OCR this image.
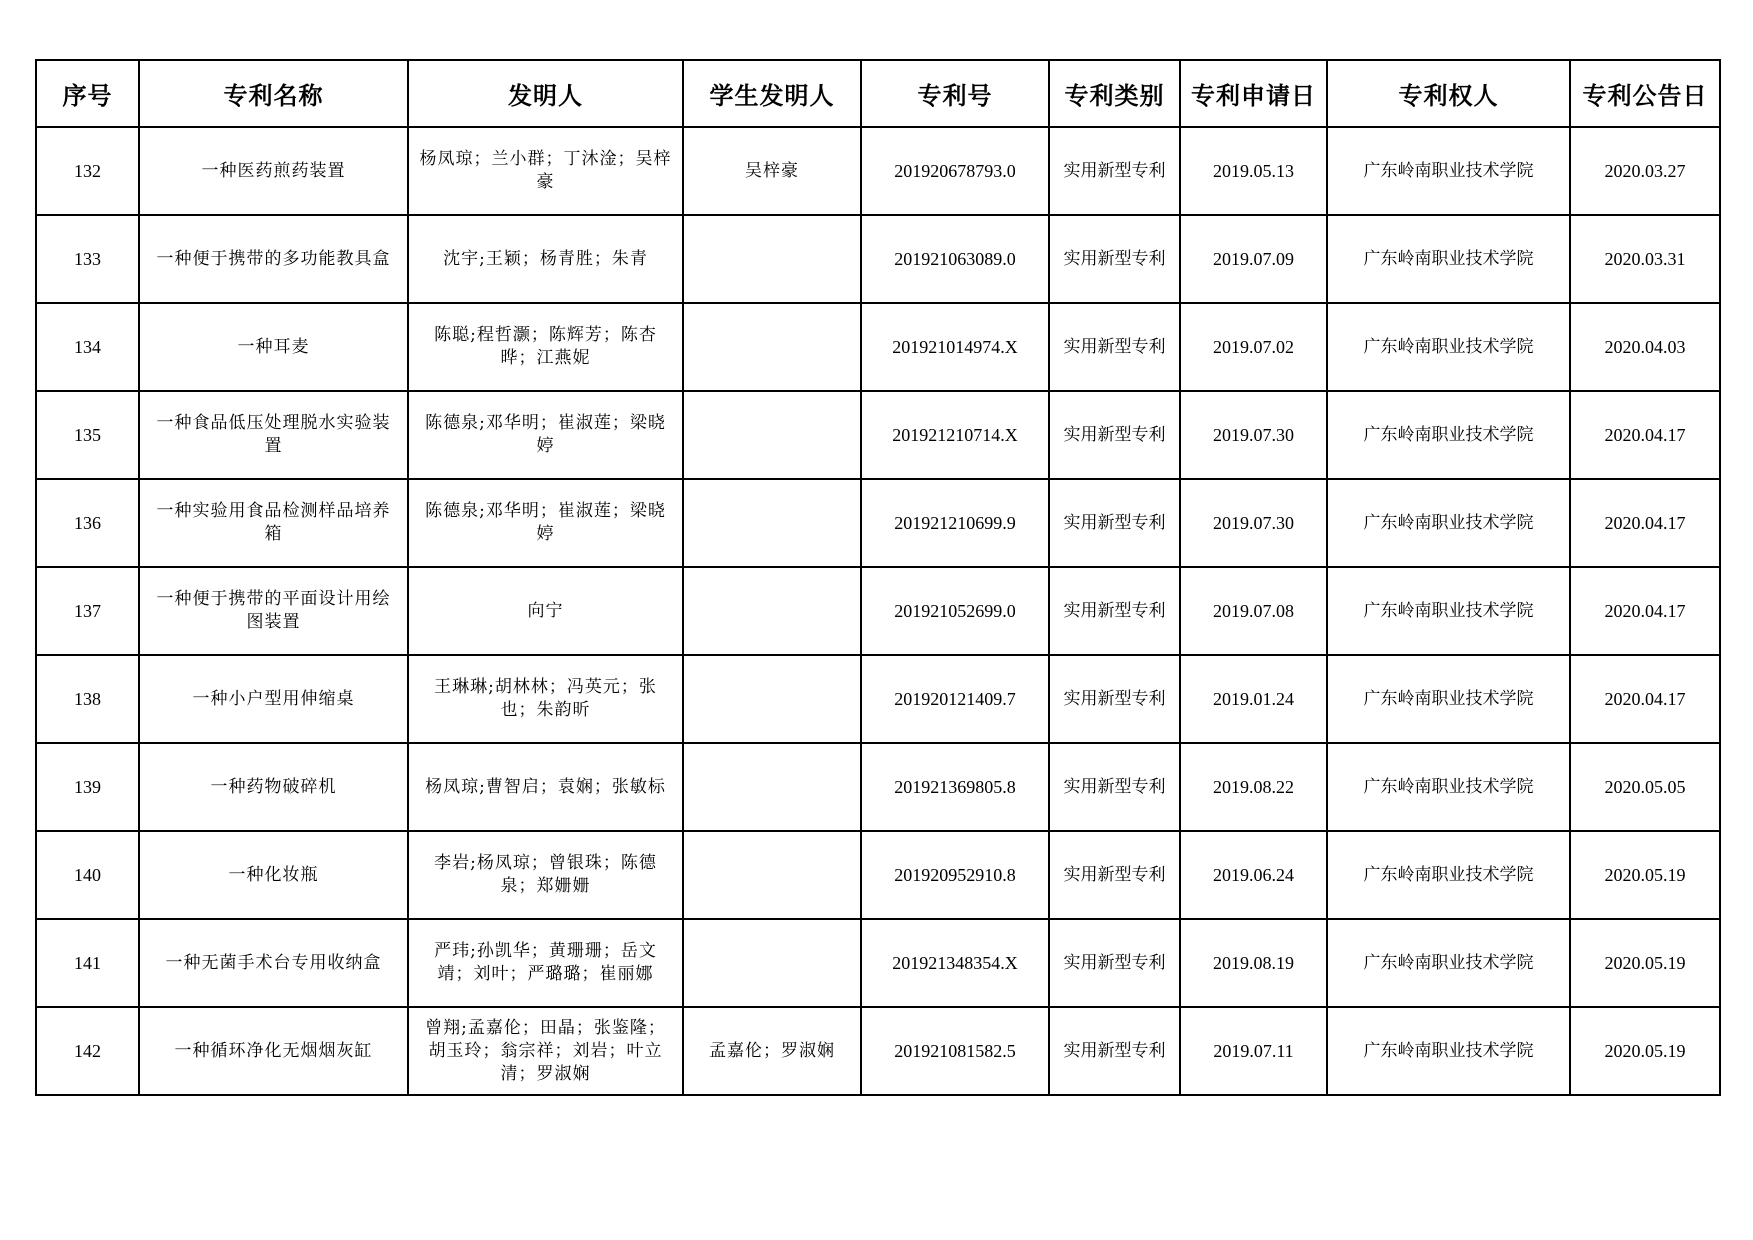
序号	专利名称	发明人	学生发明人	专利号	专利类别	专利申请日	专利权人	专利公告日
132	一种医药煎药装置	杨凤琼；兰小群；丁沐淦；吴梓豪	吴梓豪	201920678793.0	实用新型专利	2019.05.13	广东岭南职业技术学院	2020.03.27
133	一种便于携带的多功能教具盒	沈宇;王颖；杨青胜；朱青		201921063089.0	实用新型专利	2019.07.09	广东岭南职业技术学院	2020.03.31
134	一种耳麦	陈聪;程哲灏；陈辉芳；陈杏晔；江燕妮		201921014974.X	实用新型专利	2019.07.02	广东岭南职业技术学院	2020.04.03
135	一种食品低压处理脱水实验装置	陈德泉;邓华明；崔淑莲；梁晓婷		201921210714.X	实用新型专利	2019.07.30	广东岭南职业技术学院	2020.04.17
136	一种实验用食品检测样品培养箱	陈德泉;邓华明；崔淑莲；梁晓婷		201921210699.9	实用新型专利	2019.07.30	广东岭南职业技术学院	2020.04.17
137	一种便于携带的平面设计用绘图装置	向宁		201921052699.0	实用新型专利	2019.07.08	广东岭南职业技术学院	2020.04.17
138	一种小户型用伸缩桌	王琳琳;胡林林；冯英元；张也；朱韵昕		201920121409.7	实用新型专利	2019.01.24	广东岭南职业技术学院	2020.04.17
139	一种药物破碎机	杨凤琼;曹智启；袁娴；张敏标		201921369805.8	实用新型专利	2019.08.22	广东岭南职业技术学院	2020.05.05
140	一种化妆瓶	李岩;杨凤琼；曾银珠；陈德泉；郑姗姗		201920952910.8	实用新型专利	2019.06.24	广东岭南职业技术学院	2020.05.19
141	一种无菌手术台专用收纳盒	严玮;孙凯华；黄珊珊；岳文靖；刘叶；严璐璐；崔丽娜		201921348354.X	实用新型专利	2019.08.19	广东岭南职业技术学院	2020.05.19
142	一种循环净化无烟烟灰缸	曾翔;孟嘉伦；田晶；张鉴隆；胡玉玲；翁宗祥；刘岩；叶立清；罗淑娴	孟嘉伦；罗淑娴	201921081582.5	实用新型专利	2019.07.11	广东岭南职业技术学院	2020.05.19
